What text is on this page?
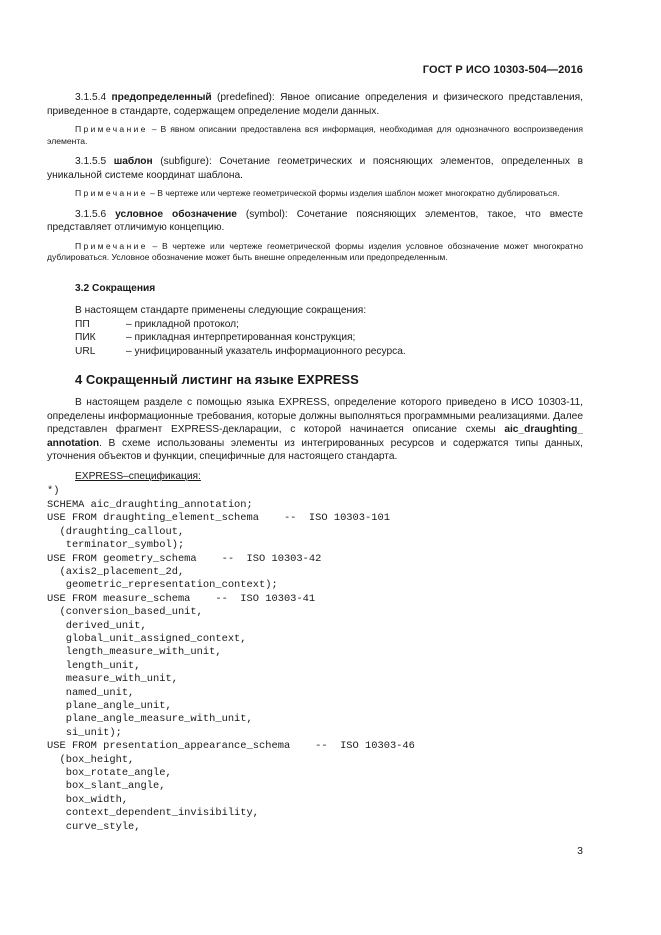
ГОСТ Р ИСО 10303-504—2016

3.1.5.4 предопределенный (predefined): Явное описание определения и физического представления, приведенное в стандарте, содержащем определение модели данных.

Примечание – В явном описании предоставлена вся информация, необходимая для однозначного воспроизведения элемента.

3.1.5.5 шаблон (subfigure): Сочетание геометрических и поясняющих элементов, определенных в уникальной системе координат шаблона.

Примечание – В чертеже или чертеже геометрической формы изделия шаблон может многократно дублироваться.

3.1.5.6 условное обозначение (symbol): Сочетание поясняющих элементов, такое, что вместе представляет отличимую концепцию.

Примечание – В чертеже или чертеже геометрической формы изделия условное обозначение может многократно дублироваться. Условное обозначение может быть внешне определенным или предопределенным.

3.2 Сокращения
В настоящем стандарте применены следующие сокращения:
ПП	– прикладной протокол;
ПИК	– прикладная интерпретированная конструкция;
URL	– унифицированный указатель информационного ресурса.
4 Сокращенный листинг на языке EXPRESS

В настоящем разделе с помощью языка EXPRESS, определение которого приведено в ИСО 10303-11, определены информационные требования, которые должны выполняться программными реализациями. Далее представлен фрагмент EXPRESS-декларации, с которой начинается описание схемы aic_draughting_ annotation. В схеме использованы элементы из интегрированных ресурсов и содержатся типы данных, уточнения объектов и функции, специфичные для настоящего стандарта.

EXPRESS–спецификация:
*)
SCHEMA aic_draughting_annotation;
USE FROM draughting_element_schema    --  ISO 10303-101
(draughting_callout,
terminator_symbol);
USE FROM geometry_schema    --  ISO 10303-42
(axis2_placement_2d,
geometric_representation_context);
USE FROM measure_schema    --  ISO 10303-41
(conversion_based_unit,
derived_unit,
global_unit_assigned_context,
length_measure_with_unit,
length_unit,
measure_with_unit,
named_unit,
plane_angle_unit,
plane_angle_measure_with_unit,
si_unit);
USE FROM presentation_appearance_schema    --  ISO 10303-46
(box_height,
box_rotate_angle,
box_slant_angle,
box_width,
context_dependent_invisibility,
curve_style,
3
